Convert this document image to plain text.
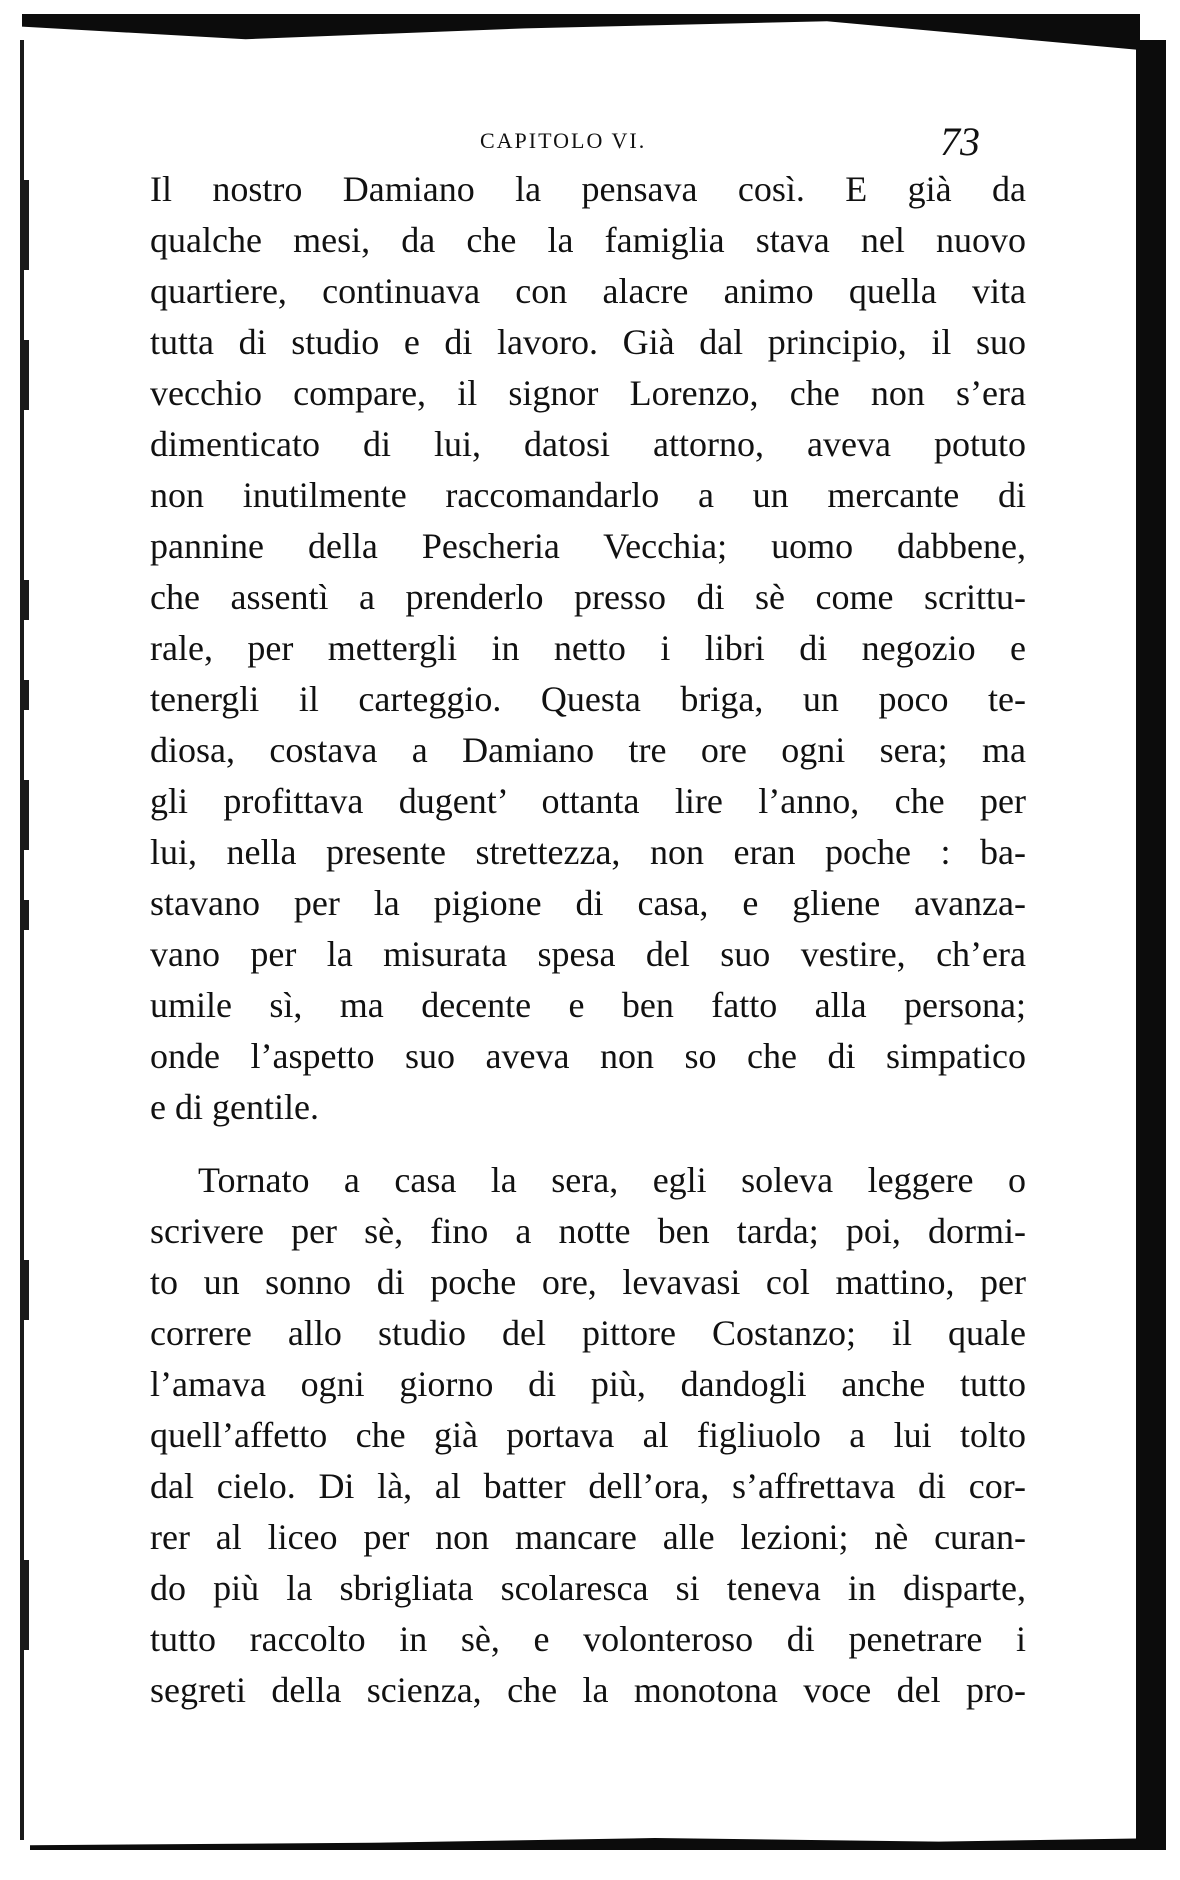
CAPITOLO VI.	73
Il nostro Damiano la pensava così. E già da
qualche mesi, da che la famiglia stava nel nuovo
quartiere, continuava con alacre animo quella vita
tutta di studio e di lavoro. Già dal principio, il suo
vecchio compare, il signor Lorenzo, che non s’era
dimenticato di lui, datosi attorno, aveva potuto
non inutilmente raccomandarlo a un mercante di
pannine della Pescheria Vecchia; uomo dabbene,
che assentì a prenderlo presso di sè come scrittu-
rale, per mettergli in netto i libri di negozio e
tenergli il carteggio. Questa briga, un poco te-
diosa, costava a Damiano tre ore ogni sera; ma
gli profittava dugent’ ottanta lire l’anno, che per
lui, nella presente strettezza, non eran poche : ba-
stavano per la pigione di casa, e gliene avanza-
vano per la misurata spesa del suo vestire, ch’era
umile sì, ma decente e ben fatto alla persona;
onde l’aspetto suo aveva non so che di simpatico
e di gentile.
Tornato a casa la sera, egli soleva leggere o
scrivere per sè, fino a notte ben tarda; poi, dormi-
to un sonno di poche ore, levavasi col mattino, per
correre allo studio del pittore Costanzo; il quale
l’amava ogni giorno di più, dandogli anche tutto
quell’affetto che già portava al figliuolo a lui tolto
dal cielo. Di là, al batter dell’ora, s’affrettava di cor-
rer al liceo per non mancare alle lezioni; nè curan-
do più la sbrigliata scolaresca si teneva in disparte,
tutto raccolto in sè, e volonteroso di penetrare i
segreti della scienza, che la monotona voce del pro-
